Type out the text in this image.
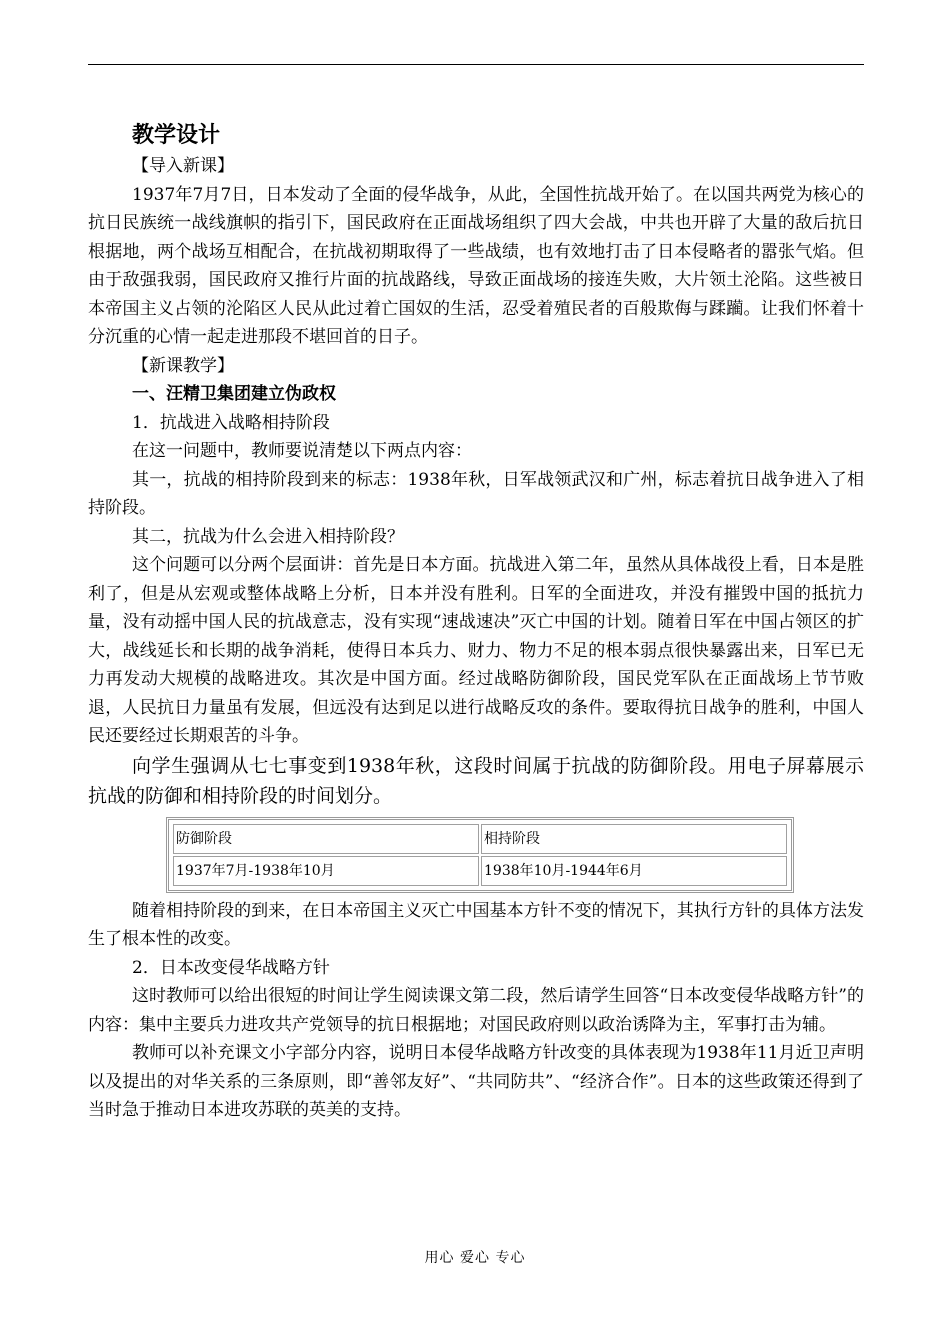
教学设计

【导入新课】

1937年7月7日，日本发动了全面的侵华战争，从此，全国性抗战开始了。在以国共两党为核心的抗日民族统一战线旗帜的指引下，国民政府在正面战场组织了四大会战，中共也开辟了大量的敌后抗日根据地，两个战场互相配合，在抗战初期取得了一些战绩，也有效地打击了日本侵略者的嚣张气焰。但由于敌强我弱，国民政府又推行片面的抗战路线，导致正面战场的接连失败，大片领土沦陷。这些被日本帝国主义占领的沦陷区人民从此过着亡国奴的生活，忍受着殖民者的百般欺侮与蹂躏。让我们怀着十分沉重的心情一起走进那段不堪回首的日子。

【新课教学】

一、汪精卫集团建立伪政权

1．抗战进入战略相持阶段

在这一问题中，教师要说清楚以下两点内容：

其一，抗战的相持阶段到来的标志：1938年秋，日军战领武汉和广州，标志着抗日战争进入了相持阶段。

其二，抗战为什么会进入相持阶段？

这个问题可以分两个层面讲：首先是日本方面。抗战进入第二年，虽然从具体战役上看，日本是胜利了，但是从宏观或整体战略上分析，日本并没有胜利。日军的全面进攻，并没有摧毁中国的抵抗力量，没有动摇中国人民的抗战意志，没有实现“速战速决”灭亡中国的计划。随着日军在中国占领区的扩大，战线延长和长期的战争消耗，使得日本兵力、财力、物力不足的根本弱点很快暴露出来，日军已无力再发动大规模的战略进攻。其次是中国方面。经过战略防御阶段，国民党军队在正面战场上节节败退，人民抗日力量虽有发展，但远没有达到足以进行战略反攻的条件。要取得抗日战争的胜利，中国人民还要经过长期艰苦的斗争。

向学生强调从七七事变到1938年秋，这段时间属于抗战的防御阶段。用电子屏幕展示抗战的防御和相持阶段的时间划分。

防御阶段	相持阶段
1937年7月-1938年10月	1938年10月-1944年6月

随着相持阶段的到来，在日本帝国主义灭亡中国基本方针不变的情况下，其执行方针的具体方法发生了根本性的改变。

2．日本改变侵华战略方针

这时教师可以给出很短的时间让学生阅读课文第二段，然后请学生回答“日本改变侵华战略方针”的内容：集中主要兵力进攻共产党领导的抗日根据地；对国民政府则以政治诱降为主，军事打击为辅。

教师可以补充课文小字部分内容，说明日本侵华战略方针改变的具体表现为1938年11月近卫声明以及提出的对华关系的三条原则，即“善邻友好”、“共同防共”、“经济合作”。日本的这些政策还得到了当时急于推动日本进攻苏联的英美的支持。

用心 爱心 专心
